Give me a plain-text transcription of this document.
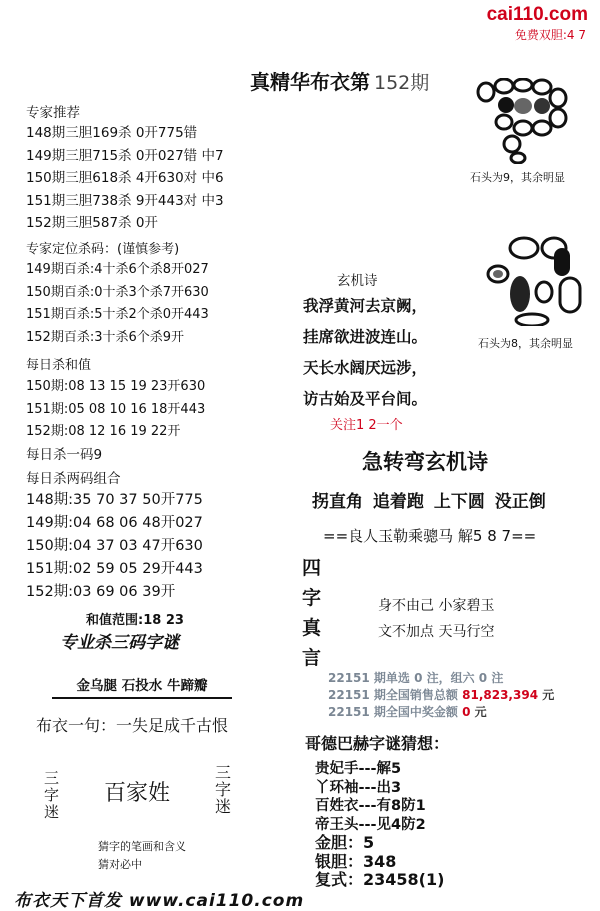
cai110.com
免费双胆:4 7
真精华布衣第 152期
专家推荐
148期三胆169杀 0开775错
149期三胆715杀 0开027错 中7
150期三胆618杀 4开630对 中6
151期三胆738杀 9开443对 中3
152期三胆587杀 0开
专家定位杀码：(谨慎参考)
149期百杀:4十杀6个杀8开027
150期百杀:0十杀3个杀7开630
151期百杀:5十杀2个杀0开443
152期百杀:3十杀6个杀9开
每日杀和值
150期:08 13 15 19 23开630
151期:05 08 10 16 18开443
152期:08 12 16 19 22开
每日杀一码9
每日杀两码组合
148期:35 70 37 50开775
149期:04 68 06 48开027
150期:04 37 03 47开630
151期:02 59 05 29开443
152期:03 69 06 39开
和值范围:18 23
专业杀三码字谜
金乌腿 石投水 牛蹄瓣
布衣一句：一失足成千古恨
三字迷
百家姓
三字迷
猜字的笔画和含义
猜对必中
布衣天下首发 www.cai110.com
石头为9，其余明显
石头为8，其余明显
玄机诗
我浮黄河去京阙，
挂席欲进波连山。
天长水阔厌远涉，
访古始及平台间。
关注1 2一个
急转弯玄机诗
拐直角 追着跑 上下圆 没正倒
==良人玉勒乘骢马 解5 8 7==
四
字
真
言
身不由己 小家碧玉
文不加点 天马行空
22151 期单选 0 注，组六 0 注
22151 期全国销售总额 81,823,394 元
22151 期全国中奖金额 0 元
哥德巴赫字谜猜想：
贵妃手---解5
丫环袖---出3
百姓衣---有8防1
帝王头---见4防2
金胆：5
银胆：348
复式：23458(1)
